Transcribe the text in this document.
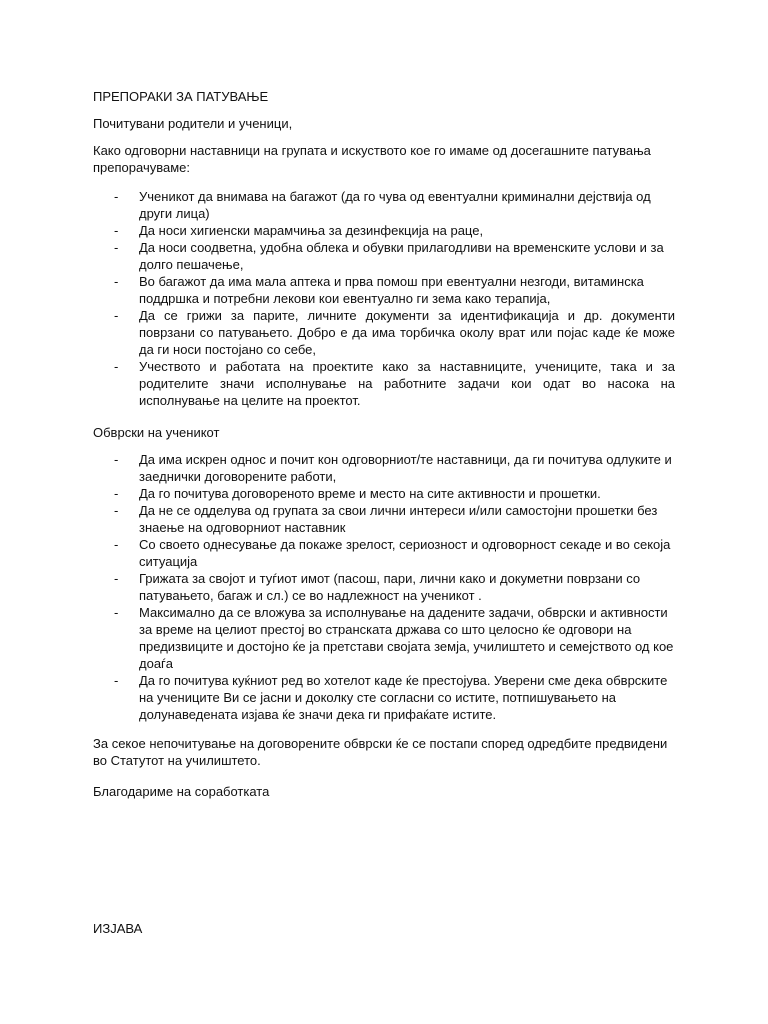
ПРЕПОРАКИ ЗА ПАТУВАЊЕ
Почитувани родители и ученици,
Како одговорни наставници на групата и искуството кое го имаме од досегашните патувања препорачуваме:
- Ученикот да внимава на багажот (да го чува од евентуални криминални дејствија од други лица)
- Да носи хигиенски марамчиња за дезинфекција на раце,
- Да носи соодветна, удобна облека и обувки прилагодливи на временските услови и за долго пешачење,
- Во багажот да има мала аптека и прва помош при евентуални незгоди, витаминска поддршка и потребни лекови кои евентуално ги зема како терапија,
- Да се грижи за парите, личните документи за идентификација и др. документи поврзани со патувањето. Добро е да има торбичка околу врат или појас каде ќе може да ги носи постојано со себе,
- Учеството и работата на проектите како за наставниците, учениците, така и за родителите значи исполнување на работните задачи кои одат во насока на исполнување на целите на проектот.
Обврски на ученикот
- Да има искрен однос и почит кон одговорниот/те наставници, да ги почитува одлуките и заеднички договорените работи,
- Да го почитува договореното време и место на сите активности и прошетки.
- Да не се одделува од групата за свои лични интереси и/или самостојни прошетки без знаење на одговорниот наставник
- Со своето однесување да покаже зрелост, сериозност и одговорност секаде и во секоја ситуација
- Грижата за својот и туѓиот имот (пасош, пари, лични како и докуметни поврзани со патувањето, багаж и сл.) се во надлежност на ученикот .
- Максимално да се вложува за исполнување на дадените задачи, обврски и активности за време на целиот престој во странската држава со што целосно ќе одговори на предизвиците и достојно ќе ја претстави својата земја, училиштето и семејството од кое доаѓа
- Да го почитува куќниот ред во хотелот каде ќе престојува. Уверени сме дека обврските на учениците Ви се јасни и доколку сте согласни со истите, потпишувањето на долунаведената изјава ќе значи дека ги прифаќате истите.
За секое непочитување на договорените обврски ќе се постапи според одредбите предвидени во Статутот на училиштето.
Благодариме на соработката
ИЗЈАВА
